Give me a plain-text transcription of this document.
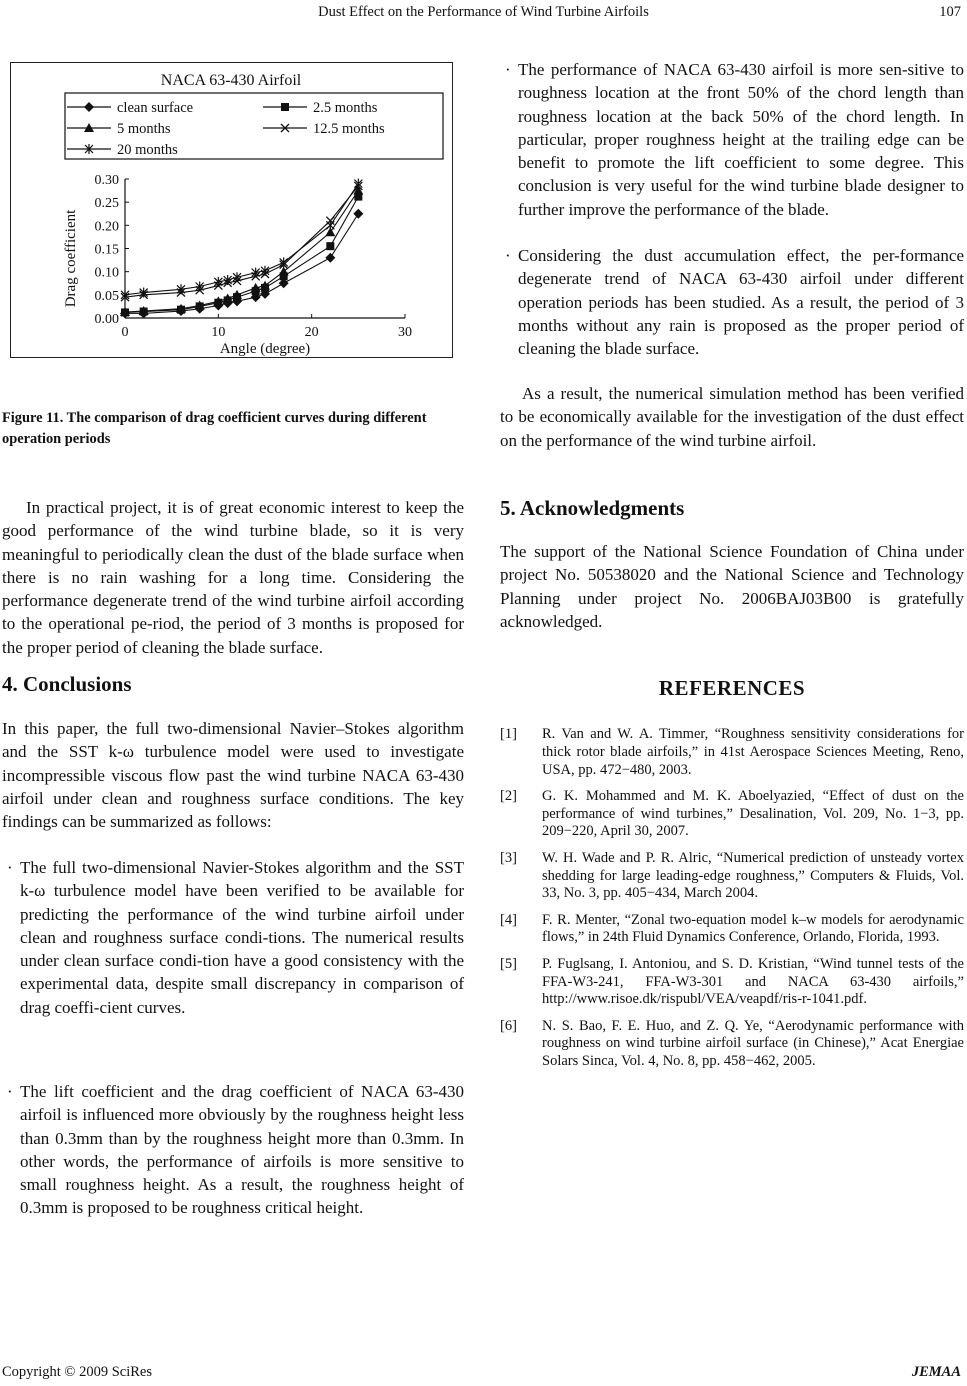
Dust Effect on the Performance of Wind Turbine Airfoils	107
NACA 63-430 Airfoil
clean surface	2.5 months
5 months	12.5 months
20 months
0.00
0.05
0.10
0.15
0.20
0.25
0.30
0	10	20	30
Angle (degree)
Drag coefficient
Figure 11. The comparison of drag coefficient curves during different operation periods

In practical project, it is of great economic interest to keep the good performance of the wind turbine blade, so it is very meaningful to periodically clean the dust of the blade surface when there is no rain washing for a long time. Considering the performance degenerate trend of the wind turbine airfoil according to the operational pe-riod, the period of 3 months is proposed for the proper period of cleaning the blade surface.

4. Conclusions

In this paper, the full two-dimensional Navier–Stokes algorithm and the SST k-ω turbulence model were used to investigate incompressible viscous flow past the wind turbine NACA 63-430 airfoil under clean and roughness surface conditions. The key findings can be summarized as follows:

· The full two-dimensional Navier-Stokes algorithm and the SST k-ω turbulence model have been verified to be available for predicting the performance of the wind turbine airfoil under clean and roughness surface condi-tions. The numerical results under clean surface condi-tion have a good consistency with the experimental data, despite small discrepancy in comparison of drag coeffi-cient curves.
· The lift coefficient and the drag coefficient of NACA 63-430 airfoil is influenced more obviously by the roughness height less than 0.3mm than by the roughness height more than 0.3mm. In other words, the performance of airfoils is more sensitive to small roughness height. As a result, the roughness height of 0.3mm is proposed to be roughness critical height.
· The performance of NACA 63-430 airfoil is more sen-sitive to roughness location at the front 50% of the chord length than roughness location at the back 50% of the chord length. In particular, proper roughness height at the trailing edge can be benefit to promote the lift coefficient to some degree. This conclusion is very useful for the wind turbine blade designer to further improve the performance of the blade.
· Considering the dust accumulation effect, the per-formance degenerate trend of NACA 63-430 airfoil under different operation periods has been studied. As a result, the period of 3 months without any rain is proposed as the proper period of cleaning the blade surface.

As a result, the numerical simulation method has been verified to be economically available for the investigation of the dust effect on the performance of the wind turbine airfoil.

5. Acknowledgments

The support of the National Science Foundation of China under project No. 50538020 and the National Science and Technology Planning under project No. 2006BAJ03B00 is gratefully acknowledged.

REFERENCES
[1] R. Van and W. A. Timmer, “Roughness sensitivity considerations for thick rotor blade airfoils,” in 41st Aerospace Sciences Meeting, Reno, USA, pp. 472−480, 2003.
[2] G. K. Mohammed and M. K. Aboelyazied, “Effect of dust on the performance of wind turbines,” Desalination, Vol. 209, No. 1−3, pp. 209−220, April 30, 2007.
[3] W. H. Wade and P. R. Alric, “Numerical prediction of unsteady vortex shedding for large leading-edge roughness,” Computers & Fluids, Vol. 33, No. 3, pp. 405−434, March 2004.
[4] F. R. Menter, “Zonal two-equation model k–w models for aerodynamic flows,” in 24th Fluid Dynamics Conference, Orlando, Florida, 1993.
[5] P. Fuglsang, I. Antoniou, and S. D. Kristian, “Wind tunnel tests of the FFA-W3-241, FFA-W3-301 and NACA 63-430 airfoils,” http://www.risoe.dk/rispubl/VEA/veapdf/ris-r-1041.pdf.
[6] N. S. Bao, F. E. Huo, and Z. Q. Ye, “Aerodynamic performance with roughness on wind turbine airfoil surface (in Chinese),” Acat Energiae Solars Sinca, Vol. 4, No. 8, pp. 458−462, 2005.
Copyright © 2009 SciRes	JEMAA
